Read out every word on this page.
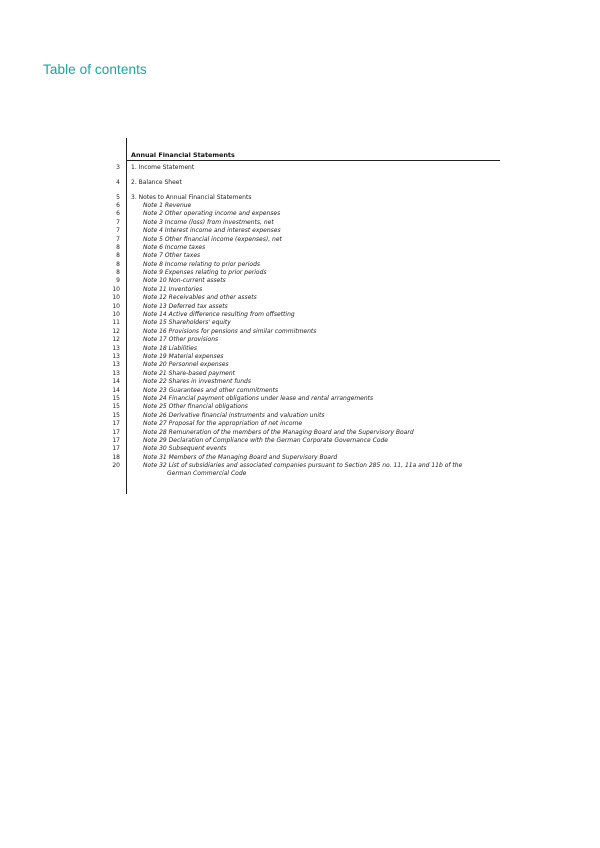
Table of contents
Annual Financial Statements
3 1. Income Statement
4 2. Balance Sheet
5 3. Notes to Annual Financial Statements
6	Note 1 Revenue
6	Note 2 Other operating income and expenses
7	Note 3 Income (loss) from investments, net
7	Note 4 Interest income and interest expenses
7	Note 5 Other financial income (expenses), net
8	Note 6 Income taxes
8	Note 7 Other taxes
8	Note 8 Income relating to prior periods
8	Note 9 Expenses relating to prior periods
9	Note 10 Non-current assets
10	Note 11 Inventories
10	Note 12 Receivables and other assets
10	Note 13 Deferred tax assets
10	Note 14 Active difference resulting from offsetting
11	Note 15 Shareholders' equity
12	Note 16 Provisions for pensions and similar commitments
12	Note 17 Other provisions
13	Note 18 Liabilities
13	Note 19 Material expenses
13	Note 20 Personnel expenses
13	Note 21 Share-based payment
14	Note 22 Shares in investment funds
14	Note 23 Guarantees and other commitments
15	Note 24 Financial payment obligations under lease and rental arrangements
15	Note 25 Other financial obligations
15	Note 26 Derivative financial instruments and valuation units
17	Note 27 Proposal for the appropriation of net income
17	Note 28 Remuneration of the members of the Managing Board and the Supervisory Board
17	Note 29 Declaration of Compliance with the German Corporate Governance Code
17	Note 30 Subsequent events
18	Note 31 Members of the Managing Board and Supervisory Board
20	Note 32 List of subsidiaries and associated companies pursuant to Section 285 no. 11, 11a and 11b of the
German Commercial Code
